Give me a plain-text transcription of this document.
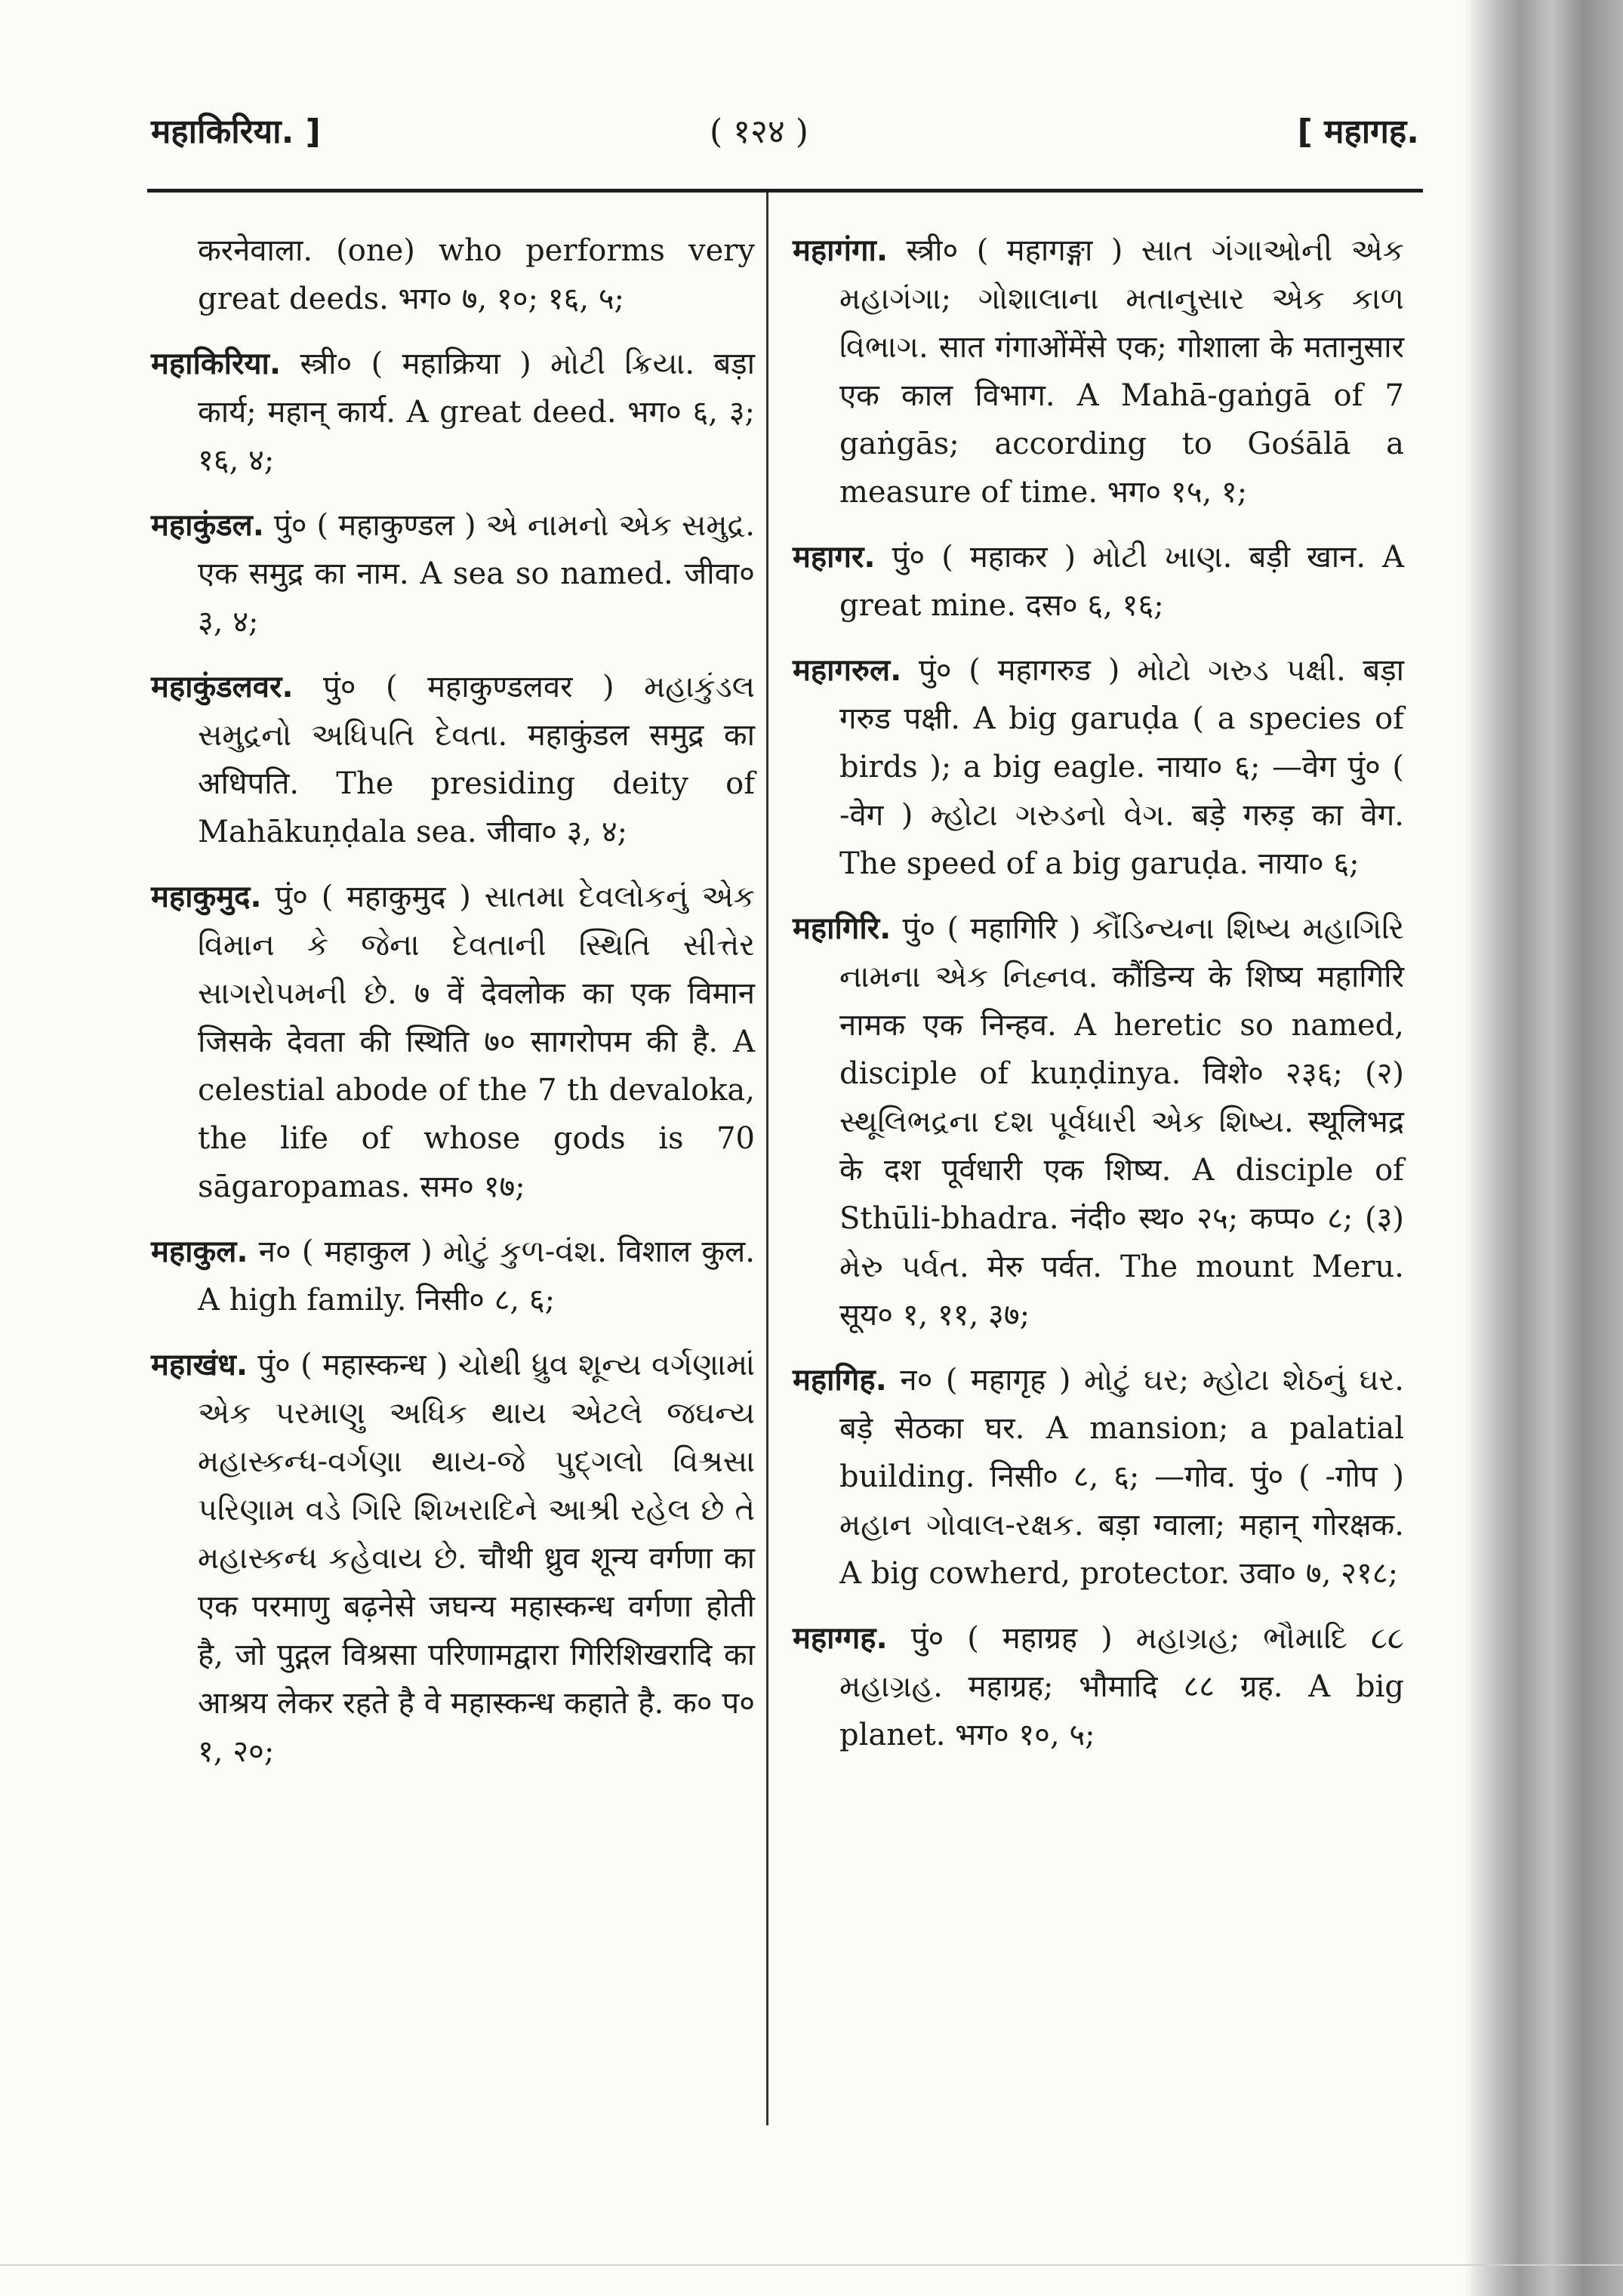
महाकिरिया. ]	( १२४ )	[ महागह.

करनेवाला. (one) who performs very great deeds. भग० ७, १०; १६, ५;

महाकिरिया. स्त्री० ( महाक्रिया ) મોટી ક્રિયા. बड़ा कार्य; महान् कार्य. A great deed. भग० ६, ३; १६, ४;

महाकुंडल. पुं० ( महाकुण्डल ) એ નામનો એક સમુદ્ર. एक समुद्र का नाम. A sea so named. जीवा० ३, ४;

महाकुंडलवर. पुं० ( महाकुण्डलवर ) મહાકુંડલ સમુદ્રનો અધિપતિ દેવતા. महाकुंडल समुद्र का अधिपति. The presiding deity of Mahākuṇḍala sea. जीवा० ३, ४;

महाकुमुद. पुं० ( महाकुमुद ) સાતમા દેવલોકનું એક વિમાન કે જેના દેવતાની સ્થિતિ સીત્તેર સાગરોપમની છે. ७ वें देवलोक का एक विमान जिसके देवता की स्थिति ७० सागरोपम की है. A celestial abode of the 7 th devaloka, the life of whose gods is 70 sāgaropamas. सम० १७;

महाकुल. न० ( महाकुल ) મોટું કુળ-વંશ. विशाल कुल. A high family. निसी० ८, ६;

महाखंध. पुं० ( महास्कन्ध ) ચોથી ધ્રુવ શૂન્ય વર્ગણામાં એક પરમાણુ અધિક થાય એટલે જઘન્ય મહાસ્કન્ધ-વર્ગણા થાય-જે પુદ્ગલો વિશ્રસા પરિણામ વડે ગિરિ શિખરાદિને આશ્રી રહેલ છે તે મહાસ્કન્ધ કહેવાય છે. चौथी ध्रुव शून्य वर्गणा का एक परमाणु बढ़नेसे जघन्य महास्कन्ध वर्गणा होती है, जो पुद्गल विश्रसा परिणामद्वारा गिरिशिखरादि का आश्रय लेकर रहते है वे महास्कन्ध कहाते है. क० प० १, २०;

महागंगा. स्त्री० ( महागङ्गा ) સાત ગંગાઓની એક મહાગંગા; ગોશાલાના મતાનુસાર એક કાળ વિભાગ. सात गंगाओंमेंसे एक; गोशाला के मतानुसार एक काल विभाग. A Mahā-gaṅgā of 7 gaṅgās; according to Gośālā a measure of time. भग० १५, १;

महागर. पुं० ( महाकर ) મોટી ખાણ. बड़ी खान. A great mine. दस० ६, १६;

महागरुल. पुं० ( महागरुड ) મોટો ગરુડ પક્ષી. बड़ा गरुड पक्षी. A big garuḍa ( a species of birds ); a big eagle. नाया० ६; —वेग पुं० ( -वेग ) મ્હોટા ગરુડનો વેગ. बड़े गरुड़ का वेग. The speed of a big garuḍa. नाया० ६;

महागिरि. पुं० ( महागिरि ) કૌંડિન્યના શિષ્ય મહાગિરિ નામના એક નિહ્નવ. कौंडिन्य के शिष्य महागिरि नामक एक निन्हव. A heretic so named, disciple of kuṇḍinya. विशे० २३६; (२) સ્થૂલિભદ્રના દશ પૂર્વધારી એક શિષ્ય. स्थूलिभद्र के दश पूर्वधारी एक शिष्य. A disciple of Sthūli-bhadra. नंदी० स्थ० २५; कप्प० ८; (३) મેરુ પર્વત. मेरु पर्वत. The mount Meru. सूय० १, ११, ३७;

महागिह. न० ( महागृह ) મોટું ઘર; મ્હોટા શેઠનું ઘર. बड़े सेठका घर. A mansion; a palatial building. निसी० ८, ६; —गोव. पुं० ( -गोप ) મહાન ગોવાલ-રક્ષક. बड़ा ग्वाला; महान् गोरक्षक. A big cowherd, protector. उवा० ७, २१८;

महाग्गह. पुं० ( महाग्रह ) મહાગ્રહ; ભૌમાદિ ૮૮ મહાગ્રહ. महाग्रह; भौमादि ८८ ग्रह. A big planet. भग० १०, ५;
